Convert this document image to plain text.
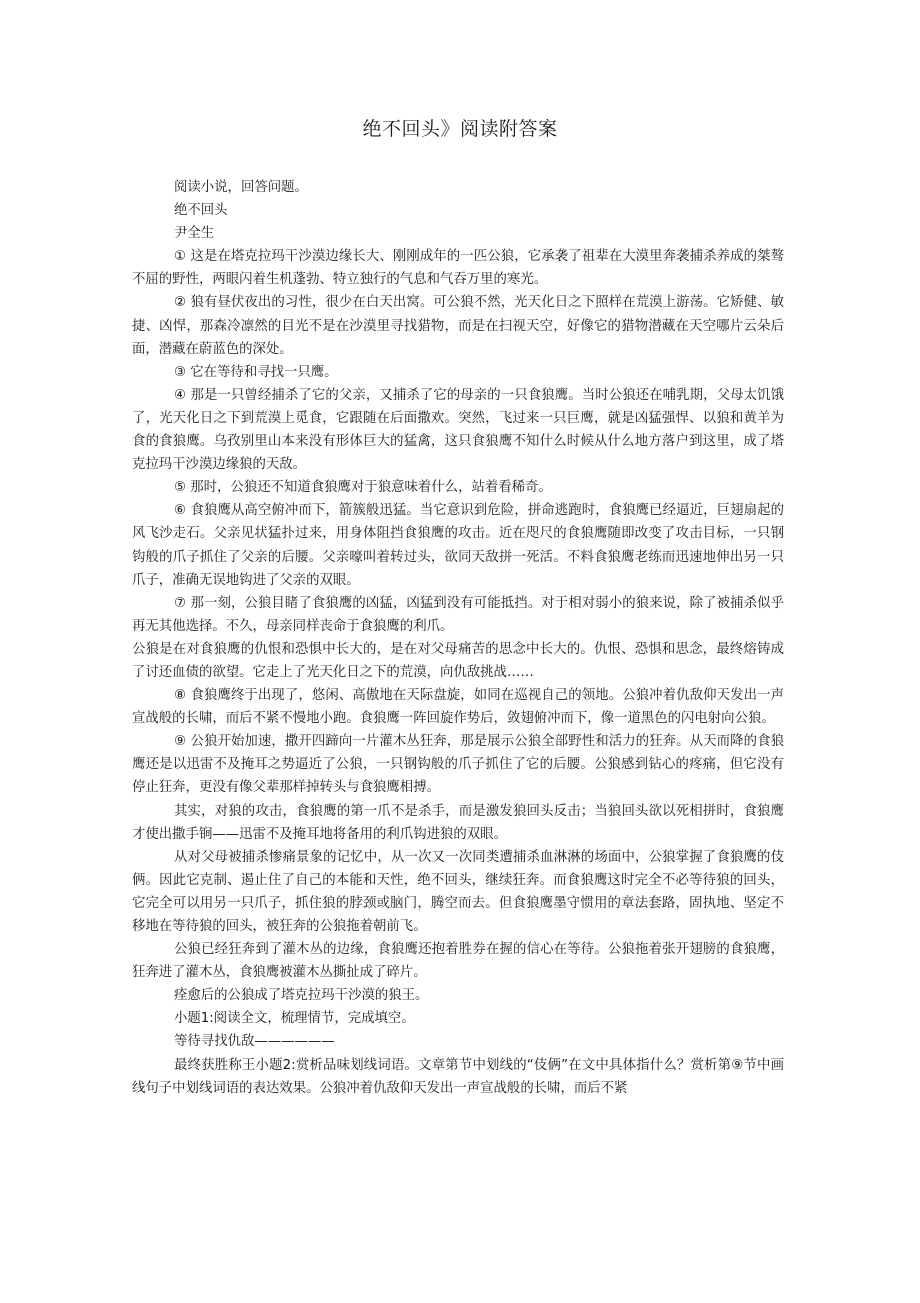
绝不回头》阅读附答案

阅读小说，回答问题。

绝不回头

尹全生

① 这是在塔克拉玛干沙漠边缘长大、刚刚成年的一匹公狼，它承袭了祖辈在大漠里奔袭捕杀养成的桀骜不屈的野性，两眼闪着生机蓬勃、特立独行的气息和气吞万里的寒光。

② 狼有昼伏夜出的习性，很少在白天出窝。可公狼不然，光天化日之下照样在荒漠上游荡。它矫健、敏捷、凶悍，那森冷凛然的目光不是在沙漠里寻找猎物，而是在扫视天空，好像它的猎物潜藏在天空哪片云朵后面，潜藏在蔚蓝色的深处。

③ 它在等待和寻找一只鹰。

④ 那是一只曾经捕杀了它的父亲，又捕杀了它的母亲的一只食狼鹰。当时公狼还在哺乳期，父母太饥饿了，光天化日之下到荒漠上觅食，它跟随在后面撒欢。突然，飞过来一只巨鹰，就是凶猛强悍、以狼和黄羊为食的食狼鹰。乌孜别里山本来没有形体巨大的猛禽，这只食狼鹰不知什么时候从什么地方落户到这里，成了塔克拉玛干沙漠边缘狼的天敌。

⑤ 那时，公狼还不知道食狼鹰对于狼意味着什么，站着看稀奇。

⑥ 食狼鹰从高空俯冲而下，箭簇般迅猛。当它意识到危险，拼命逃跑时，食狼鹰已经逼近，巨翅扇起的风飞沙走石。父亲见状猛扑过来，用身体阻挡食狼鹰的攻击。近在咫尺的食狼鹰随即改变了攻击目标，一只钢钩般的爪子抓住了父亲的后腰。父亲嚎叫着转过头，欲同天敌拼一死活。不料食狼鹰老练而迅速地伸出另一只爪子，准确无误地钩进了父亲的双眼。

⑦ 那一刻，公狼目睹了食狼鹰的凶猛，凶猛到没有可能抵挡。对于相对弱小的狼来说，除了被捕杀似乎再无其他选择。不久，母亲同样丧命于食狼鹰的利爪。

公狼是在对食狼鹰的仇恨和恐惧中长大的，是在对父母痛苦的思念中长大的。仇恨、恐惧和思念，最终熔铸成了讨还血债的欲望。它走上了光天化日之下的荒漠，向仇敌挑战……

⑧ 食狼鹰终于出现了，悠闲、高傲地在天际盘旋，如同在巡视自己的领地。公狼冲着仇敌仰天发出一声宣战般的长啸，而后不紧不慢地小跑。食狼鹰一阵回旋作势后，敛翅俯冲而下，像一道黑色的闪电射向公狼。

⑨ 公狼开始加速，撒开四蹄向一片灌木丛狂奔，那是展示公狼全部野性和活力的狂奔。从天而降的食狼鹰还是以迅雷不及掩耳之势逼近了公狼，一只钢钩般的爪子抓住了它的后腰。公狼感到钻心的疼痛，但它没有停止狂奔，更没有像父辈那样掉转头与食狼鹰相搏。

其实，对狼的攻击，食狼鹰的第一爪不是杀手，而是激发狼回头反击；当狼回头欲以死相拼时，食狼鹰才使出撒手锏——迅雷不及掩耳地将备用的利爪钩进狼的双眼。

从对父母被捕杀惨痛景象的记忆中，从一次又一次同类遭捕杀血淋淋的场面中，公狼掌握了食狼鹰的伎俩。因此它克制、遏止住了自己的本能和天性，绝不回头，继续狂奔。而食狼鹰这时完全不必等待狼的回头，它完全可以用另一只爪子，抓住狼的脖颈或脑门，腾空而去。但食狼鹰墨守惯用的章法套路，固执地、坚定不移地在等待狼的回头，被狂奔的公狼拖着朝前飞。

公狼已经狂奔到了灌木丛的边缘，食狼鹰还抱着胜券在握的信心在等待。公狼拖着张开翅膀的食狼鹰，狂奔进了灌木丛，食狼鹰被灌木丛撕扯成了碎片。

痊愈后的公狼成了塔克拉玛干沙漠的狼王。

小题1:阅读全文，梳理情节，完成填空。

等待寻找仇敌——————

最终获胜称王小题2:赏析品味划线词语。文章第节中划线的“伎俩”在文中具体指什么？赏析第⑨节中画线句子中划线词语的表达效果。公狼冲着仇敌仰天发出一声宣战般的长啸，而后不紧
